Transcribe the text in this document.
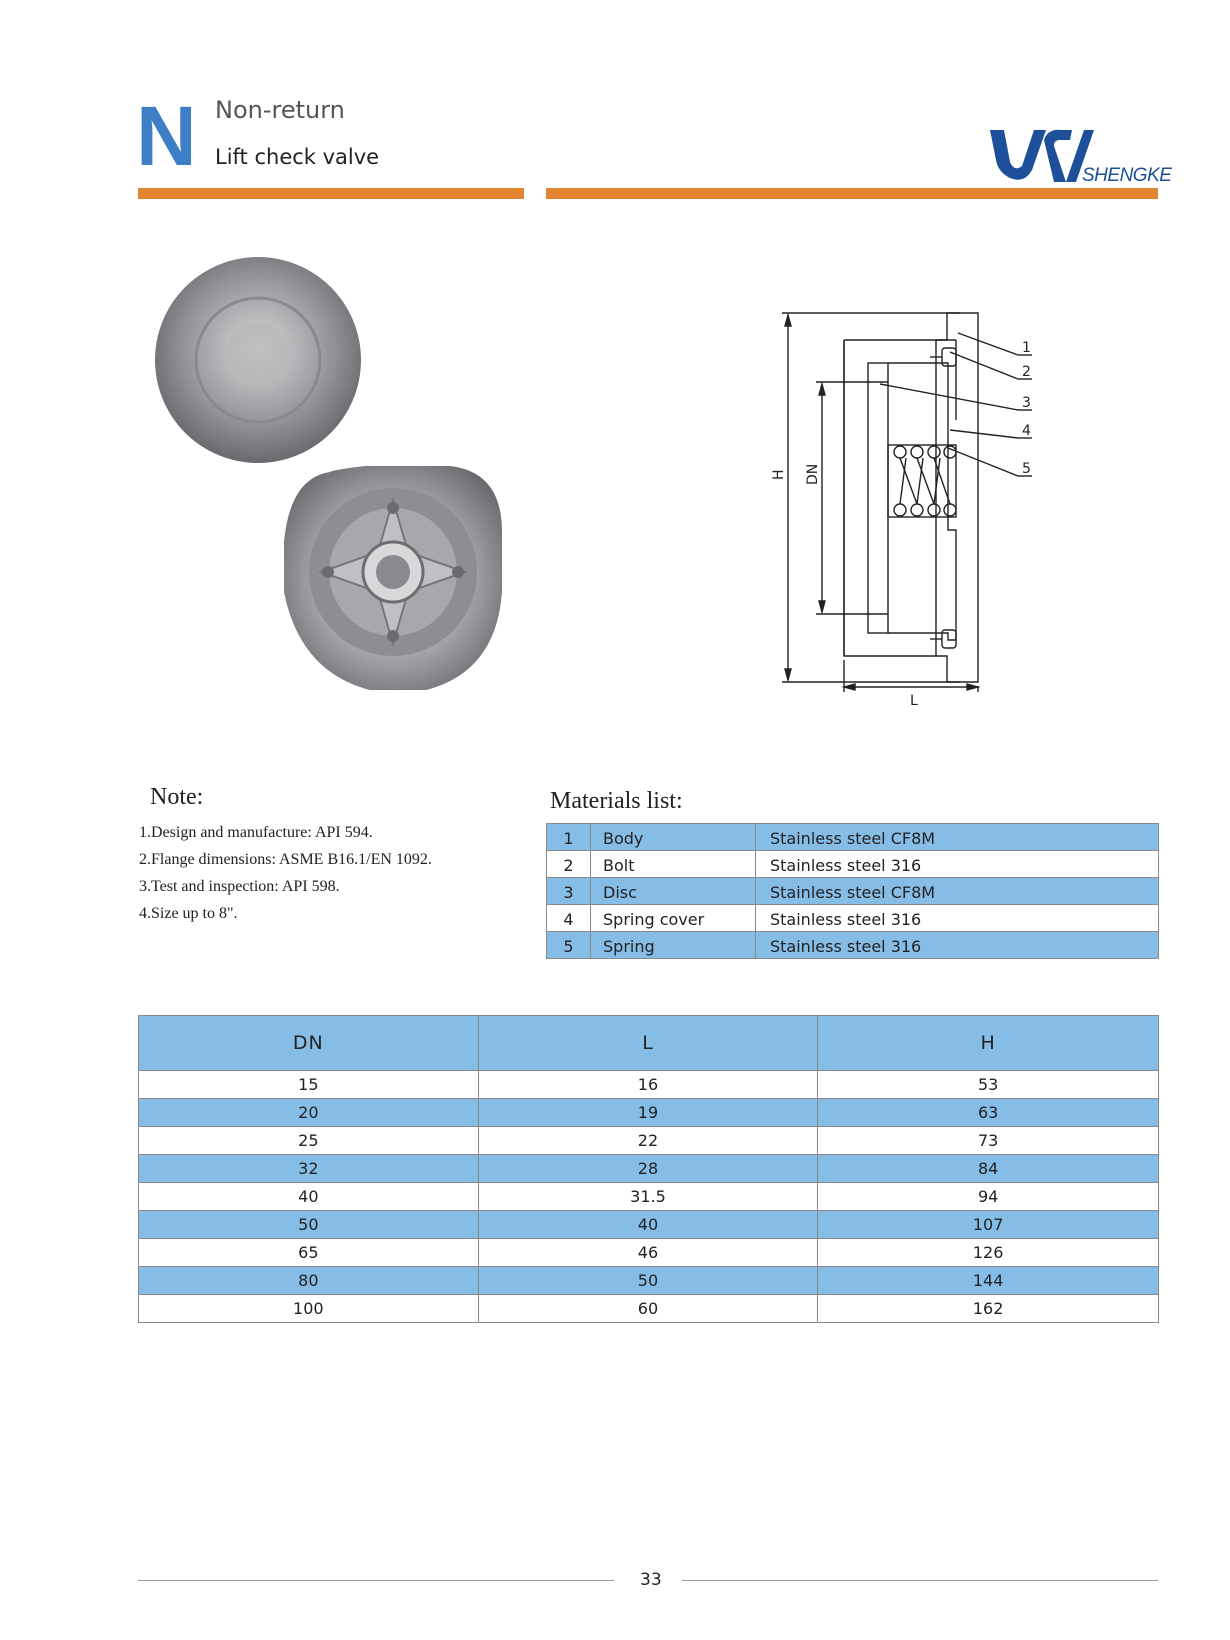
N Non-return
Lift check valve
SHENGKE
1
2
3
4
5
L
H DN
Note:
1.Design and manufacture: API 594.
2.Flange dimensions: ASME B16.1/EN 1092.
3.Test and inspection: API 598.
4.Size up to 8".
Materials list:
1	Body	Stainless steel CF8M
2	Bolt	Stainless steel 316
3	Disc	Stainless steel CF8M
4	Spring cover	Stainless steel 316
5	Spring	Stainless steel 316
DN	L	H
15	16	53
20	19	63
25	22	73
32	28	84
40	31.5	94
50	40	107
65	46	126
80	50	144
100	60	162
33
